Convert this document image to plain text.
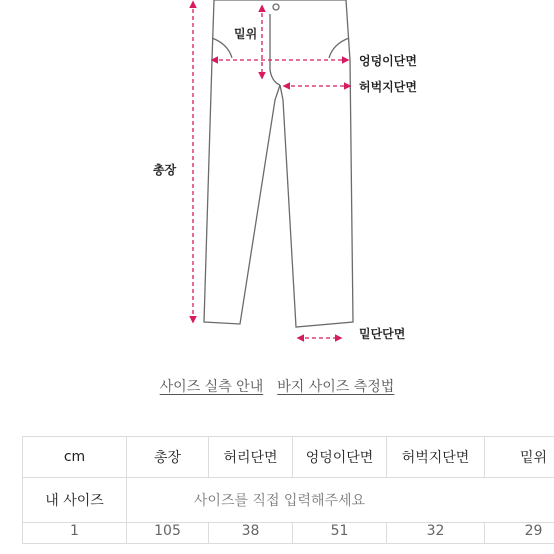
밑위
엉덩이단면
허벅지단면
총장
밑단단면
사이즈 실측 안내 바지 사이즈 측정법
cm	총장	허리단면	엉덩이단면	허벅지단면	밑위
내 사이즈	사이즈를 직접 입력해주세요				
1	105	38	51	32	29
